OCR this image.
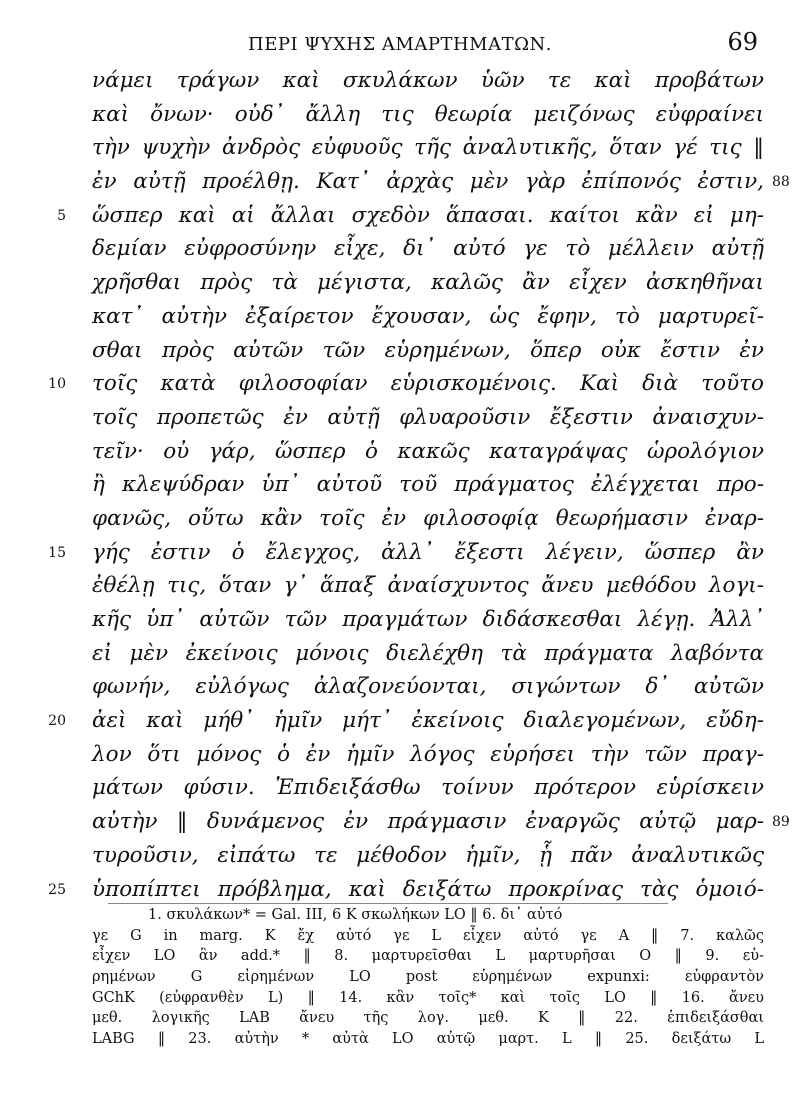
ΠΕΡΙ ΨΥΧΗΣ ΑΜΑΡΤΗΜΑΤΩΝ.	69
νάμει τράγων καὶ σκυλάκων ὑῶν τε καὶ προβάτων
καὶ ὄνων· οὐδ᾽ ἄλλη τις θεωρία μειζόνως εὐφραίνει
τὴν ψυχὴν ἀνδρὸς εὐφυοῦς τῆς ἀναλυτικῆς, ὅταν γέ τις ‖
ἐν αὐτῇ προέλθῃ. Κατ᾽ ἀρχὰς μὲν γὰρ ἐπίπονός ἐστιν, 88
5 ὥσπερ καὶ αἱ ἄλλαι σχεδὸν ἅπασαι. καίτοι κἂν εἰ μη-
δεμίαν εὐφροσύνην εἶχε, δι᾽ αὐτό γε τὸ μέλλειν αὐτῇ
χρῆσθαι πρὸς τὰ μέγιστα, καλῶς ἂν εἶχεν ἀσκηθῆναι
κατ᾽ αὐτὴν ἐξαίρετον ἔχουσαν, ὡς ἔφην, τὸ μαρτυρεῖ-
σθαι πρὸς αὐτῶν τῶν εὑρημένων, ὅπερ οὐκ ἔστιν ἐν
10 τοῖς κατὰ φιλοσοφίαν εὑρισκομένοις. Καὶ διὰ τοῦτο
τοῖς προπετῶς ἐν αὐτῇ φλυαροῦσιν ἔξεστιν ἀναισχυν-
τεῖν· οὐ γάρ, ὥσπερ ὁ κακῶς καταγράψας ὡρολόγιον
ἢ κλεψύδραν ὑπ᾽ αὐτοῦ τοῦ πράγματος ἐλέγχεται προ-
φανῶς, οὕτω κἂν τοῖς ἐν φιλοσοφίᾳ θεωρήμασιν ἐναρ-
15 γής ἐστιν ὁ ἔλεγχος, ἀλλ᾽ ἔξεστι λέγειν, ὥσπερ ἂν
ἐθέλῃ τις, ὅταν γ᾽ ἅπαξ ἀναίσχυντος ἄνευ μεθόδου λογι-
κῆς ὑπ᾽ αὐτῶν τῶν πραγμάτων διδάσκεσθαι λέγῃ. Ἀλλ᾽
εἰ μὲν ἐκείνοις μόνοις διελέχθη τὰ πράγματα λαβόντα
φωνήν, εὐλόγως ἀλαζονεύονται, σιγώντων δ᾽ αὐτῶν
20 ἀεὶ καὶ μήθ᾽ ἡμῖν μήτ᾽ ἐκείνοις διαλεγομένων, εὔδη-
λον ὅτι μόνος ὁ ἐν ἡμῖν λόγος εὑρήσει τὴν τῶν πραγ-
μάτων φύσιν. Ἐπιδειξάσθω τοίνυν πρότερον εὑρίσκειν
αὐτὴν ‖ δυνάμενος ἐν πράγμασιν ἐναργῶς αὐτῷ μαρ- 89
τυροῦσιν, εἰπάτω τε μέθοδον ἡμῖν, ᾗ πᾶν ἀναλυτικῶς
25 ὑποπίπτει πρόβλημα, καὶ δειξάτω προκρίνας τὰς ὁμοιό-
1. σκυλάκων* = Gal. III, 6 K σκωλήκων LO ‖ 6. δι᾽ αὐτό
γε G in marg. K ἔχ αὐτό γε L εἶχεν αὐτό γε A ‖ 7. καλῶς
εἶχεν LO ἂν add.* ‖ 8. μαρτυρεῖσθαι L μαρτυρῆσαι O ‖ 9. εὑ-
ρημένων G εἰρημένων LO post εὑρημένων expunxi: εὐφραντὸν
GChK (εὐφρανθὲν L) ‖ 14. κἂν τοῖς* καὶ τοῖς LO ‖ 16. ἄνευ
μεθ. λογικῆς LAB ἄνευ τῆς λογ. μεθ. K ‖ 22. ἐπιδειξάσθαι
LABG ‖ 23. αὐτὴν * αὐτὰ LO αὐτῷ μαρτ. L ‖ 25. δειξάτω L
